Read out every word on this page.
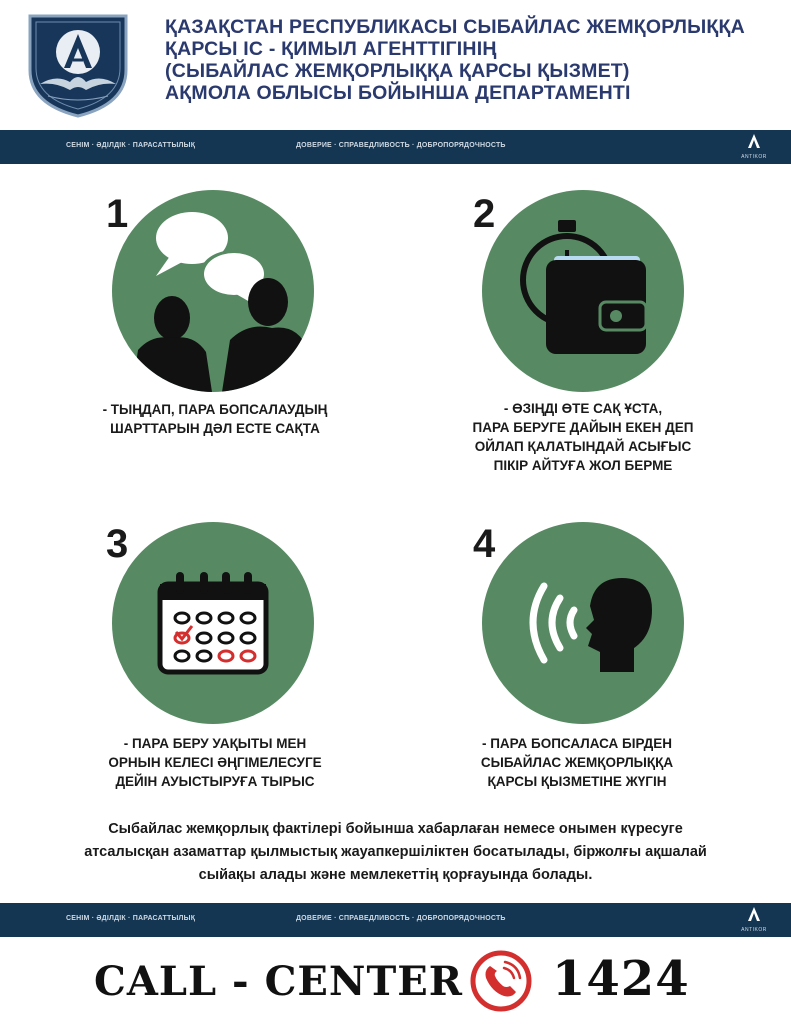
ҚАЗАҚСТАН РЕСПУБЛИКАСЫ СЫБАЙЛАС ЖЕМҚОРЛЫҚҚА
ҚАРСЫ ІС - ҚИМЫЛ АГЕНТТІГІНІҢ
(СЫБАЙЛАС ЖЕМҚОРЛЫҚҚА ҚАРСЫ ҚЫЗМЕТ)
АҚМОЛА ОБЛЫСЫ БОЙЫНША ДЕПАРТАМЕНТІ
СЕНІМ · ӘДІЛДІК · ПАРАСАТТЫЛЫҚ	ДОВЕРИЕ · СПРАВЕДЛИВОСТЬ · ДОБРОПОРЯДОЧНОСТЬ
ANTIKOR
1
- ТЫҢДАП, ПАРА БОПСАЛАУДЫҢ
ШАРТТАРЫН ДӘЛ ЕСТЕ САҚТА
2
- ӨЗІҢДІ ӨТЕ САҚ ҰСТА,
ПАРА БЕРУГЕ ДАЙЫН ЕКЕН ДЕП
ОЙЛАП ҚАЛАТЫНДАЙ АСЫҒЫС
ПІКІР АЙТУҒА ЖОЛ БЕРМЕ
3
- ПАРА БЕРУ УАҚЫТЫ МЕН
ОРНЫН КЕЛЕСІ ӘҢГІМЕЛЕСУГЕ
ДЕЙІН АУЫСТЫРУҒА ТЫРЫС
4
- ПАРА БОПСАЛАСА БІРДЕН
СЫБАЙЛАС ЖЕМҚОРЛЫҚҚА
ҚАРСЫ ҚЫЗМЕТІНЕ ЖҮГІН
Сыбайлас жемқорлық фактілері бойынша хабарлаған немесе онымен күресуге
атсалысқан азаматтар қылмыстық жауапкершіліктен босатылады, біржолғы ақшалай
сыйақы алады және мемлекеттің қорғауында болады.
СЕНІМ · ӘДІЛДІК · ПАРАСАТТЫЛЫҚ	ДОВЕРИЕ · СПРАВЕДЛИВОСТЬ · ДОБРОПОРЯДОЧНОСТЬ
ANTIKOR
CALL - CENTER 1424
